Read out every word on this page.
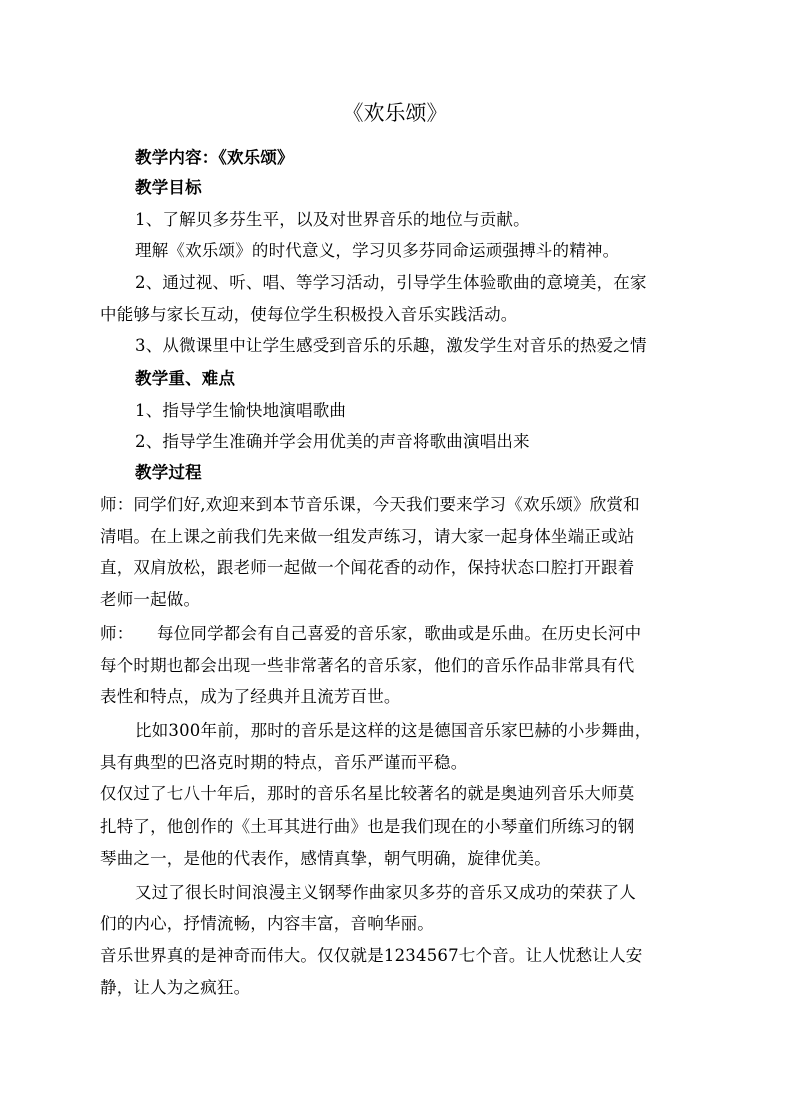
《欢乐颂》
教学内容：《欢乐颂》
教学目标
1、了解贝多芬生平，以及对世界音乐的地位与贡献。
理解《欢乐颂》的时代意义，学习贝多芬同命运顽强搏斗的精神。
2、通过视、听、唱、等学习活动，引导学生体验歌曲的意境美，在家
中能够与家长互动，使每位学生积极投入音乐实践活动。
3、从微课里中让学生感受到音乐的乐趣，激发学生对音乐的热爱之情
教学重、难点
1、指导学生愉快地演唱歌曲
2、指导学生准确并学会用优美的声音将歌曲演唱出来
教学过程
师：同学们好,欢迎来到本节音乐课，今天我们要来学习《欢乐颂》欣赏和
清唱。在上课之前我们先来做一组发声练习，请大家一起身体坐端正或站
直，双肩放松，跟老师一起做一个闻花香的动作，保持状态口腔打开跟着
老师一起做。
师： 每位同学都会有自己喜爱的音乐家，歌曲或是乐曲。在历史长河中
每个时期也都会出现一些非常著名的音乐家，他们的音乐作品非常具有代
表性和特点，成为了经典并且流芳百世。
比如300年前，那时的音乐是这样的这是德国音乐家巴赫的小步舞曲，
具有典型的巴洛克时期的特点，音乐严谨而平稳。
仅仅过了七八十年后，那时的音乐名星比较著名的就是奥迪列音乐大师莫
扎特了，他创作的《土耳其进行曲》也是我们现在的小琴童们所练习的钢
琴曲之一，是他的代表作，感情真挚，朝气明确，旋律优美。
又过了很长时间浪漫主义钢琴作曲家贝多芬的音乐又成功的荣获了人
们的内心，抒情流畅，内容丰富，音响华丽。
音乐世界真的是神奇而伟大。仅仅就是1234567七个音。让人忧愁让人安
静，让人为之疯狂。
